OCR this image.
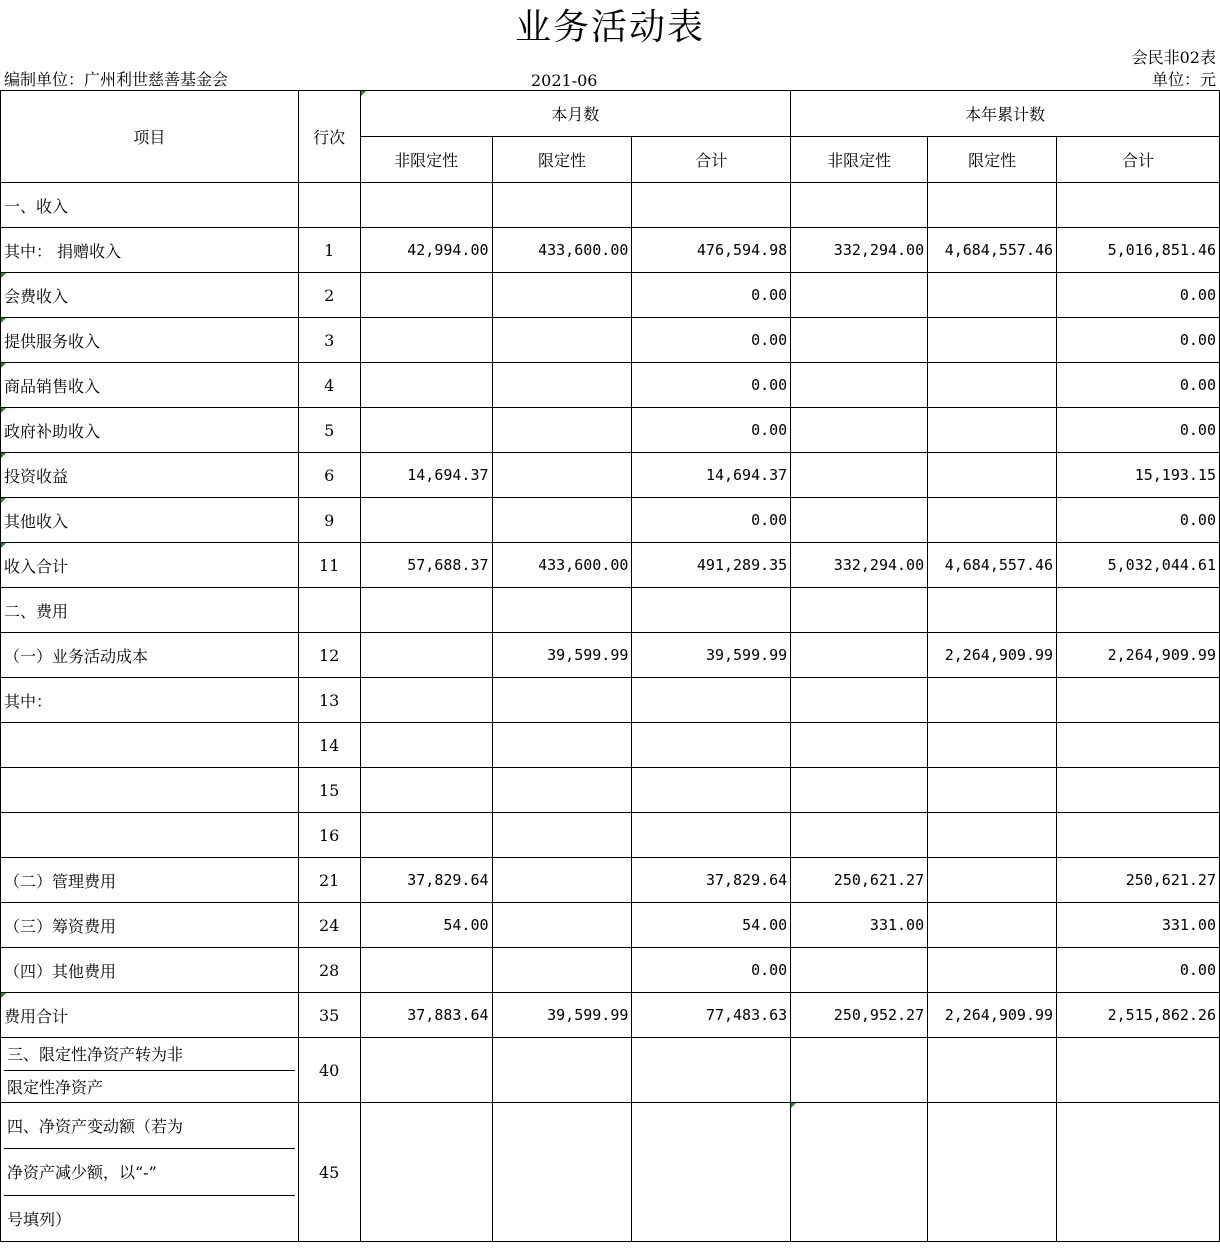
业务活动表
会民非02表
编制单位：广州利世慈善基金会	2021-06	单位：元
项目	行次	本月数			本年累计数		
		非限定性	限定性	合计	非限定性	限定性	合计
一、收入							
其中： 捐赠收入	1	42,994.00	433,600.00	476,594.98	332,294.00	4,684,557.46	5,016,851.46
会费收入	2			0.00			0.00
提供服务收入	3			0.00			0.00
商品销售收入	4			0.00			0.00
政府补助收入	5			0.00			0.00
投资收益	6	14,694.37		14,694.37			15,193.15
其他收入	9			0.00			0.00
收入合计	11	57,688.37	433,600.00	491,289.35	332,294.00	4,684,557.46	5,032,044.61
二、费用							
（一）业务活动成本	12		39,599.99	39,599.99		2,264,909.99	2,264,909.99
其中：	13						
	14						
	15						
	16						
（二）管理费用	21	37,829.64		37,829.64	250,621.27		250,621.27
（三）筹资费用	24	54.00		54.00	331.00		331.00
（四）其他费用	28			0.00			0.00
费用合计	35	37,883.64	39,599.99	77,483.63	250,952.27	2,264,909.99	2,515,862.26

三、限定性净资产转为非
限定性净资产	40						

四、净资产变动额（若为
净资产减少额，以“-”
号填列）	45						
